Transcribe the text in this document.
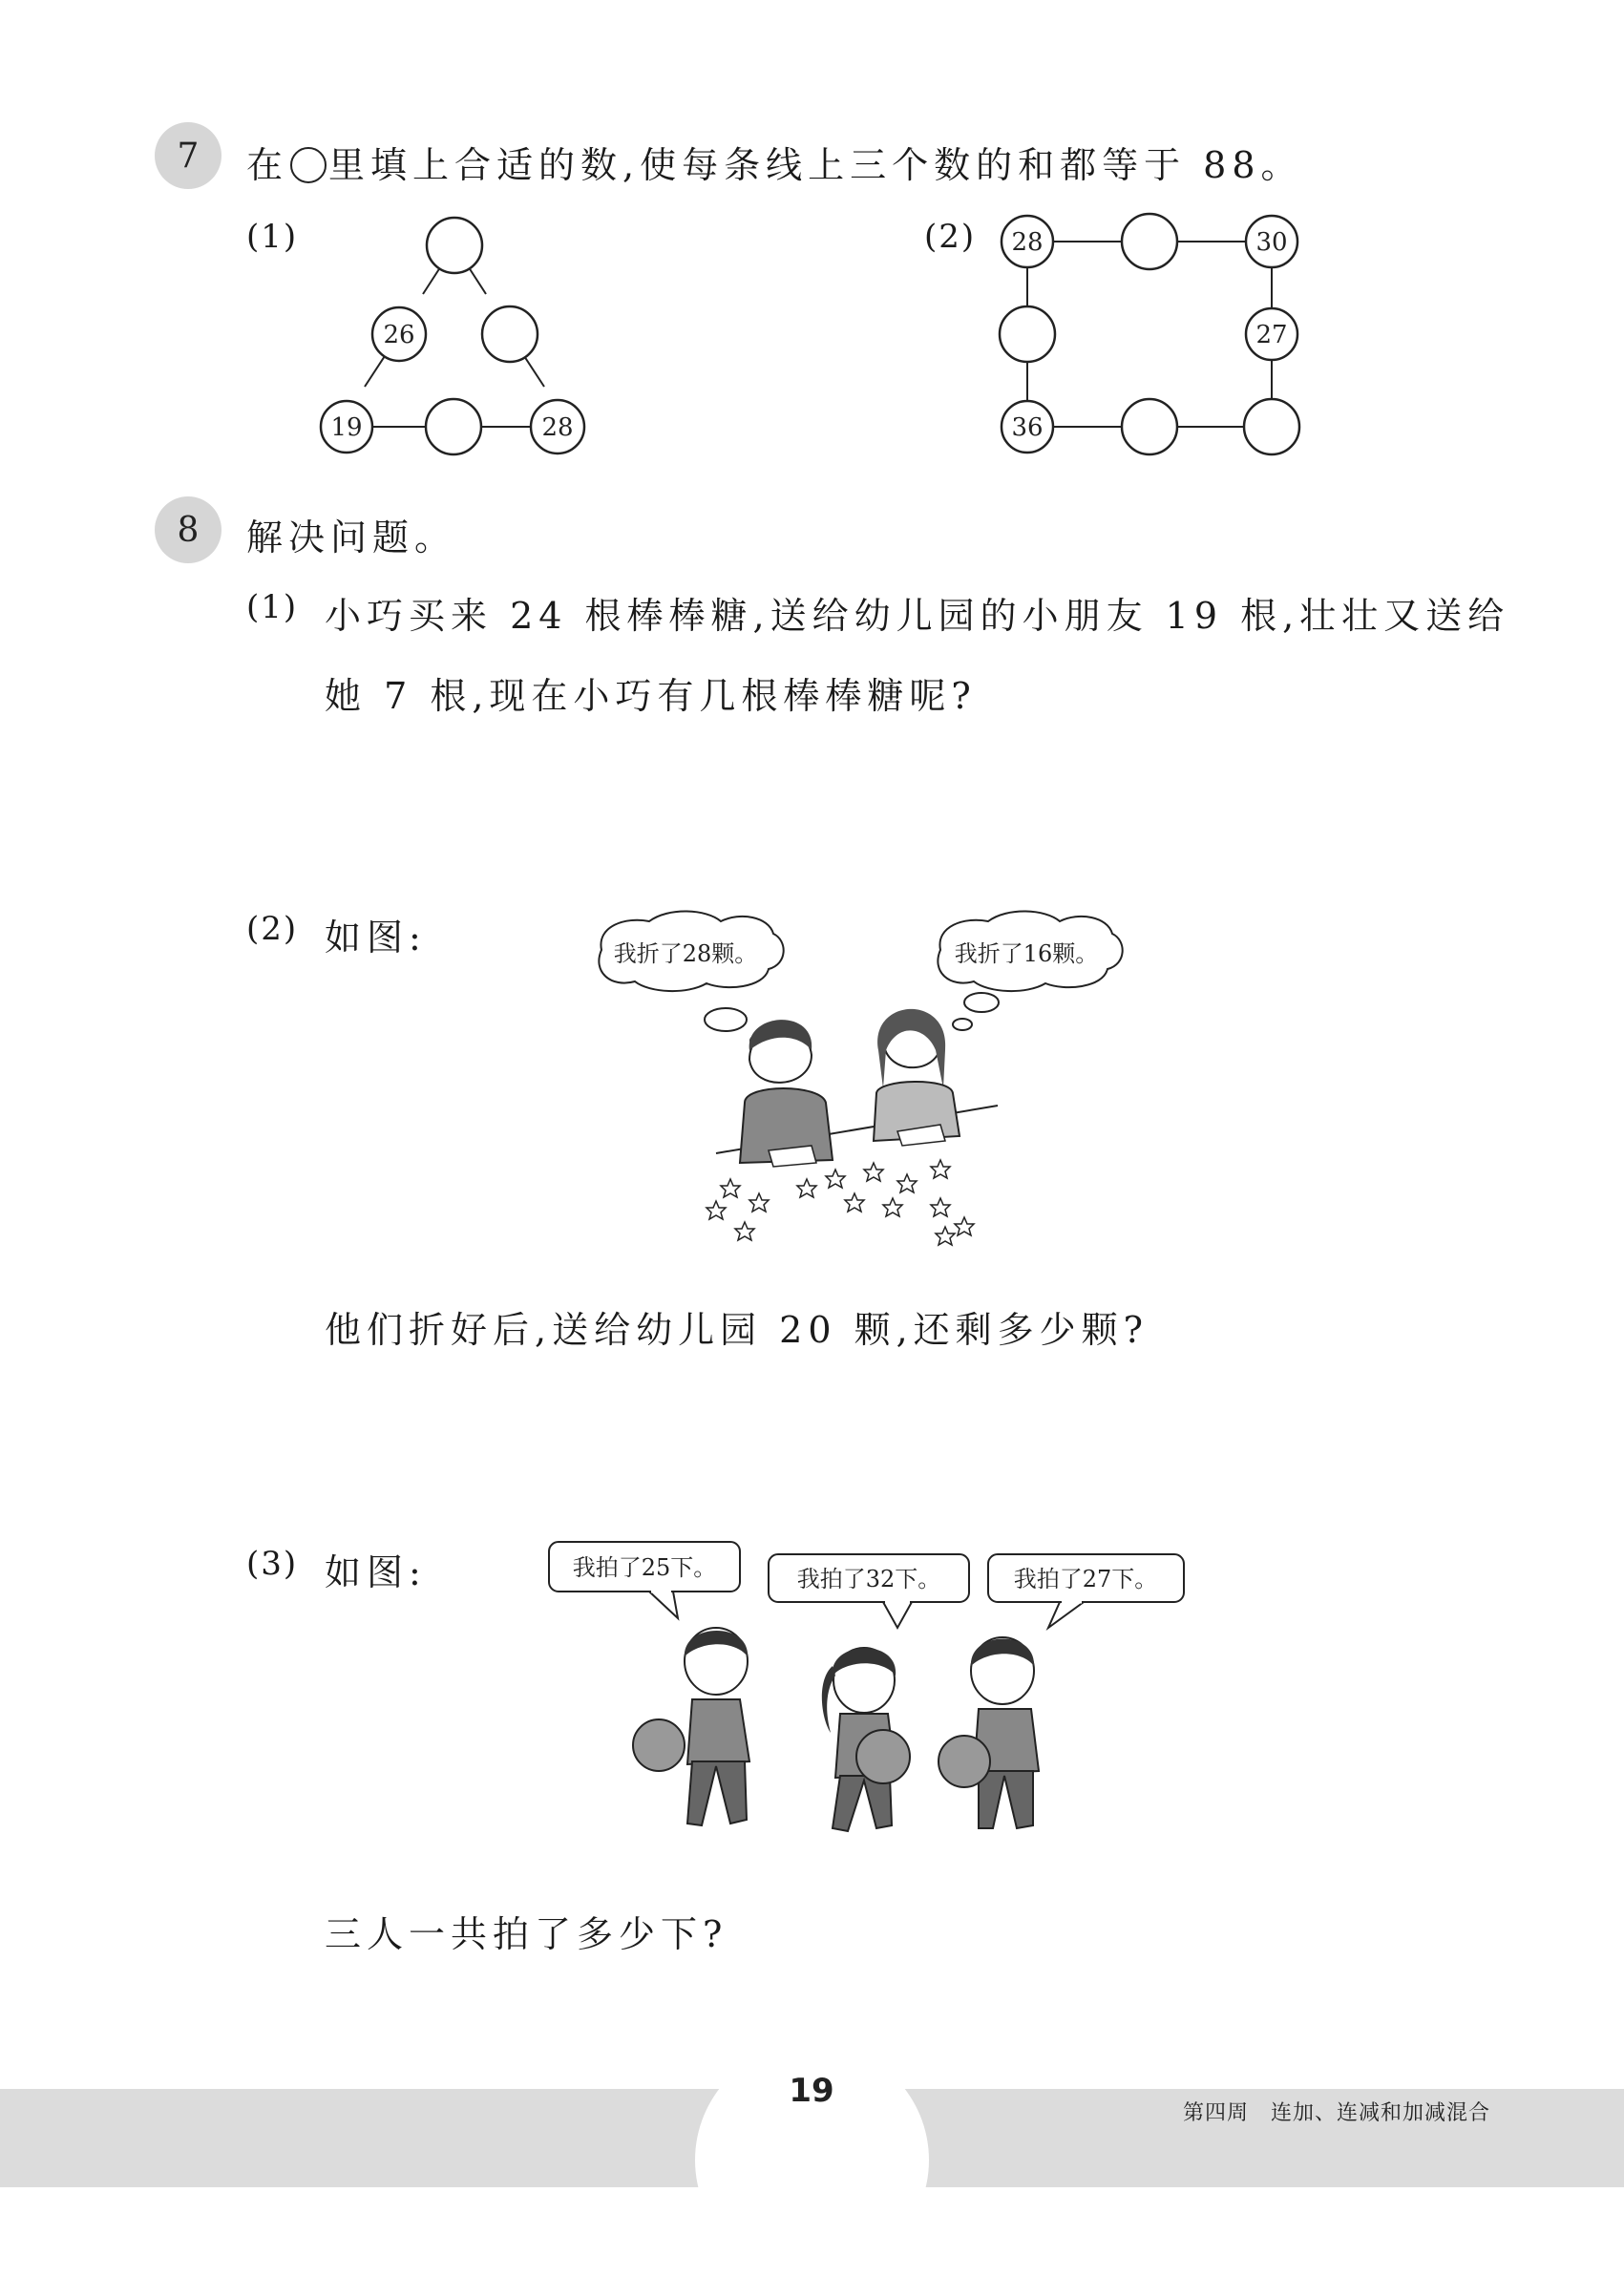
7 在 里填上合适的数,使每条线上三个数的和都等于 88。
(1)	(2)
26
19	28
28	30
27
36
8 解决问题。
(1) 小巧买来 24 根棒棒糖,送给幼儿园的小朋友 19 根,壮壮又送给
她 7 根,现在小巧有几根棒棒糖呢?
(2) 如图:	我折了28颗。	我折了16颗。
他们折好后,送给幼儿园 20 颗,还剩多少颗?
(3) 如图:	我拍了25下。	我拍了32下。	我拍了27下。
三人一共拍了多少下?
19
第四周　连加、连减和加减混合
